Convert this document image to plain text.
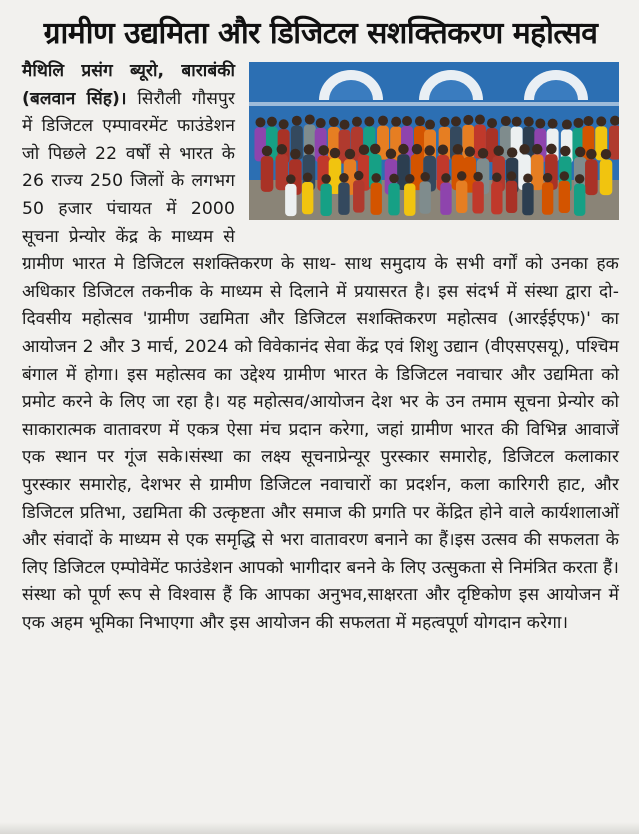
ग्रामीण उद्यमिता और डिजिटल सशक्तिकरण महोत्सव
मैथिलि प्रसंग ब्यूरो, बाराबंकी (बलवान सिंह)। सिरौली गौसपुर में डिजिटल एम्पावरमेंट फाउंडेशन जो पिछले 22 वर्षों से भारत के 26 राज्य 250 जिलों के लगभग 50 हजार पंचायत में 2000 सूचना प्रेन्योर केंद्र के माध्यम से ग्रामीण भारत मे डिजिटल सशक्तिकरण के साथ- साथ समुदाय के सभी वर्गों को उनका हक अधिकार डिजिटल तकनीक के माध्यम से दिलाने में प्रयासरत है। इस संदर्भ में संस्था द्वारा दो-दिवसीय महोत्सव 'ग्रामीण उद्यमिता और डिजिटल सशक्तिकरण महोत्सव (आरईईएफ)' का आयोजन 2 और 3 मार्च, 2024 को विवेकानंद सेवा केंद्र एवं शिशु उद्यान (वीएसएसयू), पश्चिम बंगाल में होगा। इस महोत्सव का उद्देश्य ग्रामीण भारत के डिजिटल नवाचार और उद्यमिता को प्रमोट करने के लिए जा रहा है। यह महोत्सव/आयोजन देश भर के उन तमाम सूचना प्रेन्योर को साकारात्मक वातावरण में एकत्र ऐसा मंच प्रदान करेगा, जहां ग्रामीण भारत की विभिन्न आवाजें एक स्थान पर गूंज सके।संस्था का लक्ष्य सूचनाप्रेन्यूर पुरस्कार समारोह, डिजिटल कलाकार पुरस्कार समारोह, देशभर से ग्रामीण डिजिटल नवाचारों का प्रदर्शन, कला कारिगरी हाट, और डिजिटल प्रतिभा, उद्यमिता की उत्कृष्टता और समाज की प्रगति पर केंद्रित होने वाले कार्यशालाओं और संवादों के माध्यम से एक समृद्धि से भरा वातावरण बनाने का हैं।इस उत्सव की सफलता के लिए डिजिटल एम्पोवेमेंट फाउंडेशन आपको भागीदार बनने के लिए उत्सुकता से निमंत्रित करता हैं। संस्था को पूर्ण रूप से विश्वास हैं कि आपका अनुभव,साक्षरता और दृष्टिकोण इस आयोजन में एक अहम भूमिका निभाएगा और इस आयोजन की सफलता में महत्वपूर्ण योगदान करेगा।
